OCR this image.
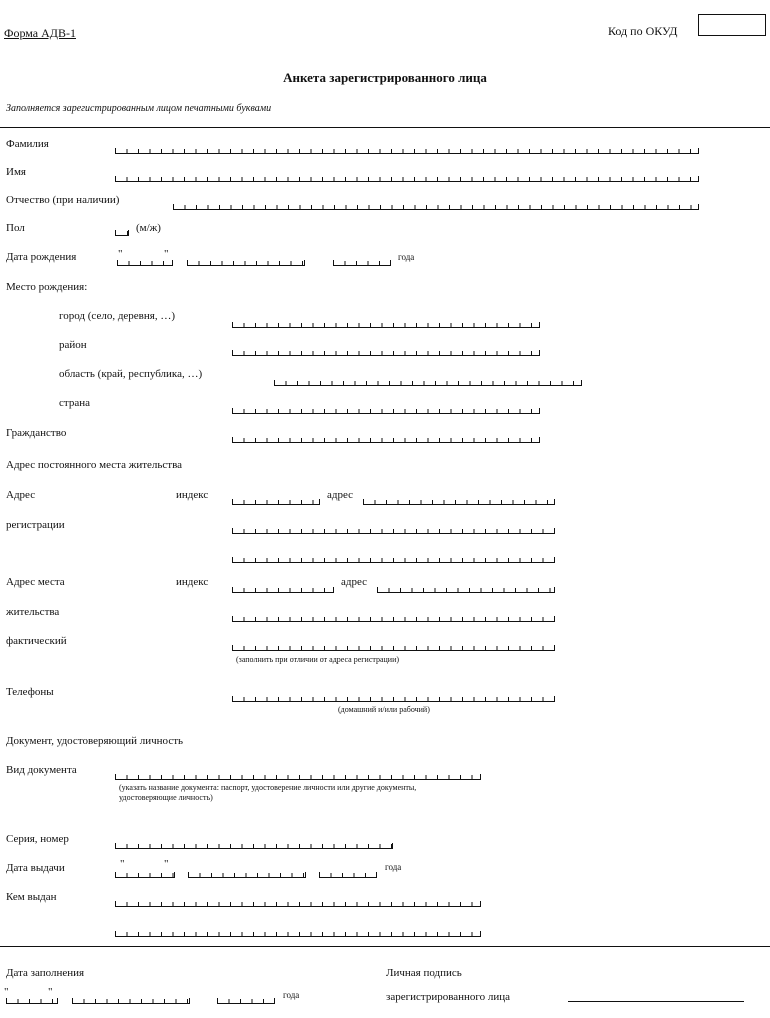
Форма АДВ-1	Код по ОКУД
Анкета зарегистрированного лица
Заполняется зарегистрированным лицом печатными буквами
Фамилия
Имя
Отчество (при наличии)
Пол	(м/ж)
Дата рождения	"	"	года
Место рождения:
город (село, деревня, …)
район
область (край, республика, …)
страна
Гражданство
Адрес постоянного места жительства
Адрес
регистрации
индекс	адрес
Адрес места
жительства
фактический
индекс	адрес
(заполнить при отличии от адреса регистрации)
Телефоны
(домашний и/или рабочий)
Документ, удостоверяющий личность
Вид документа
(указать название документа: паспорт, удостоверение личности или другие документы,
удостоверяющие личность)
Серия, номер
Дата выдачи	"	"	года
Кем выдан
Дата заполнения
"	"	года
Личная подпись
зарегистрированного лица
